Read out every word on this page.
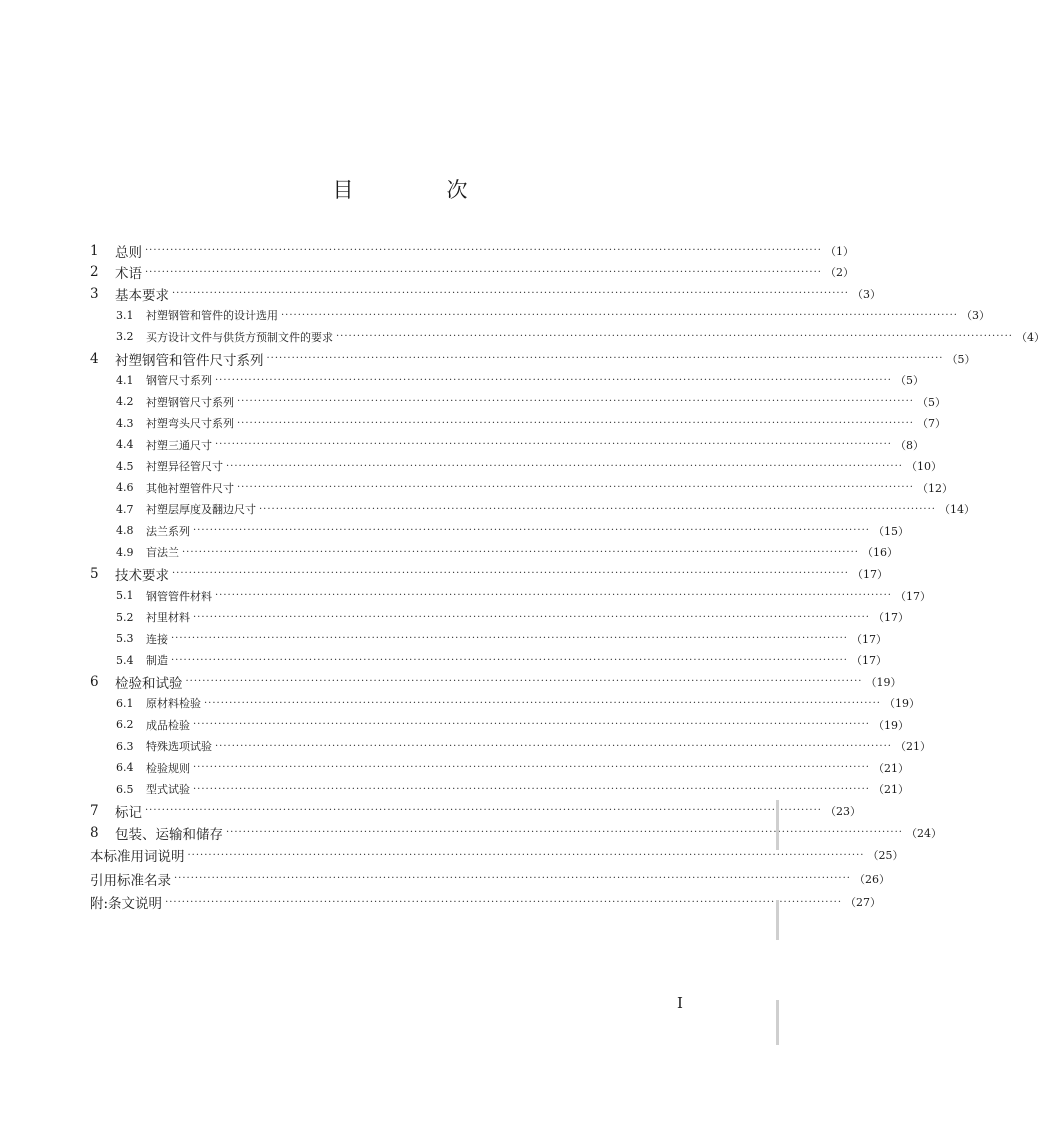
目　次
1	总则 ·····	（1）
2	术语 ·····	（2）
3	基本要求 ·····	（3）
3.1	衬塑钢管和管件的设计选用 ·····	（3）
3.2	买方设计文件与供货方预制文件的要求 ·····	（4）
4	衬塑钢管和管件尺寸系列 ·····	（5）
4.1	钢管尺寸系列 ·····	（5）
4.2	衬塑钢管尺寸系列 ·····	（5）
4.3	衬塑弯头尺寸系列 ·····	（7）
4.4	衬塑三通尺寸 ·····	（8）
4.5	衬塑异径管尺寸 ·····	（10）
4.6	其他衬塑管件尺寸 ·····	（12）
4.7	衬塑层厚度及翻边尺寸 ·····	（14）
4.8	法兰系列 ·····	（15）
4.9	盲法兰 ·····	（16）
5	技术要求 ·····	（17）
5.1	钢管管件材料 ·····	（17）
5.2	衬里材料 ·····	（17）
5.3	连接 ·····	（17）
5.4	制造 ·····	（17）
6	检验和试验 ·····	（19）
6.1	原材料检验 ·····	（19）
6.2	成品检验 ·····	（19）
6.3	特殊选项试验 ·····	（21）
6.4	检验规则 ·····	（21）
6.5	型式试验 ·····	（21）
7	标记 ·····	（23）
8	包装、运输和储存 ·····	（24）
本标准用词说明 ·····	（25）
引用标准名录 ·····	（26）
附:条文说明 ·····	（27）
I
